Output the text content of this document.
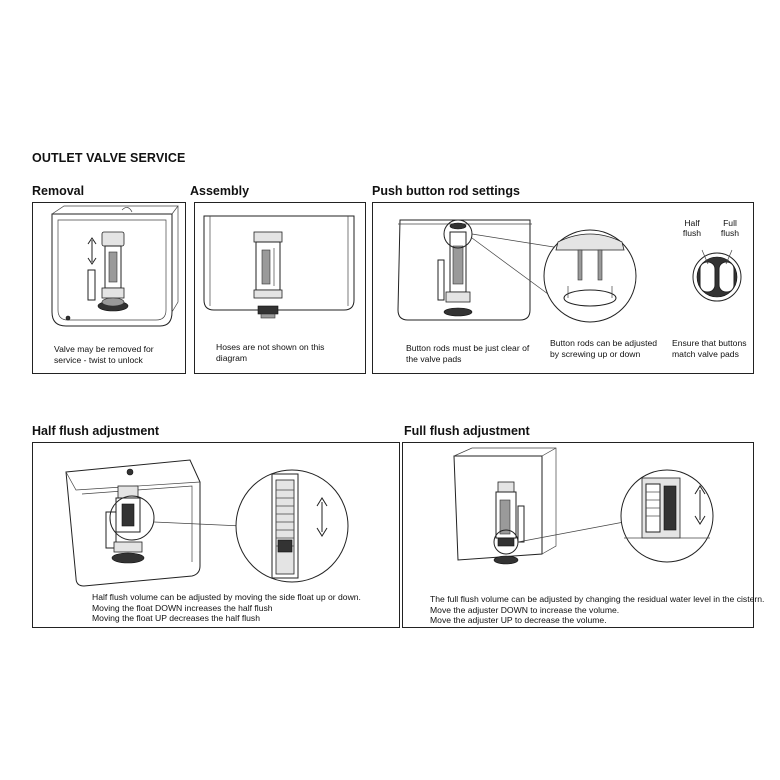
OUTLET VALVE SERVICE
Removal	Assembly	Push button rod settings
Valve may be removed for
service - twist to unlock
Hoses are not shown on this
diagram
Half
flush
Full
flush
Button rods must be just clear of
the valve pads
Button rods can be adjusted
by screwing up or down
Ensure that buttons
match valve pads
Half flush adjustment	Full flush adjustment
Half flush volume can be adjusted by moving the side float up or down.
Moving the float DOWN increases the half flush
Moving the float UP decreases the half flush
The full flush volume can be adjusted by changing the residual water level in the cistern.
Move the adjuster DOWN to increase the volume.
Move the adjuster UP to decrease the volume.
